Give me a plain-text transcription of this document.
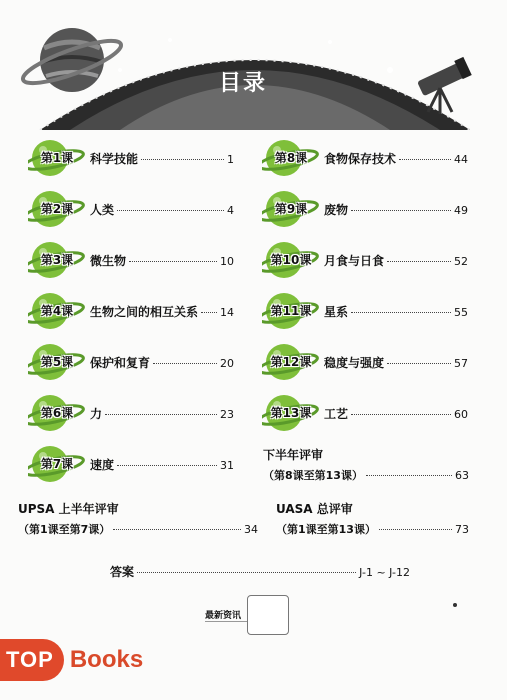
目录
第1课	科学技能	1
第2课	人类	4
第3课	微生物	10
第4课	生物之间的相互关系 14
第5课	保护和复育	20
第6课	力	23
第7课	速度	31
第8课	食物保存技术	44
第9课	废物	49
第10课	月食与日食	52
第11课	星系	55
第12课	稳度与强度	57
第13课	工艺	60
UPSA 上半年评审
（第1课至第7课）	34
下半年评审
（第8课至第13课）	63
UASA 总评审
（第1课至第13课）	73
答案	J-1 ~ J-12
最新资讯
TOP Books
